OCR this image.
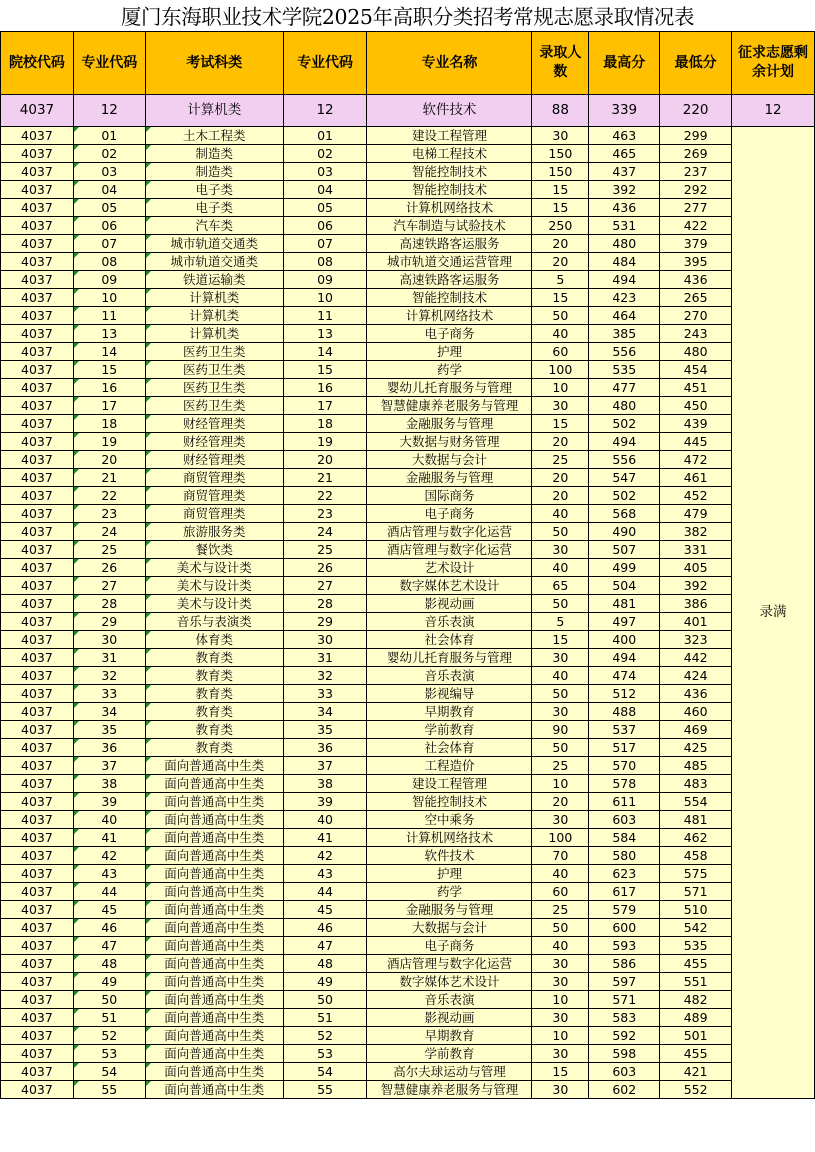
厦门东海职业技术学院2025年高职分类招考常规志愿录取情况表
院校代码	专业代码	考试科类	专业代码	专业名称	录取人数	最高分	最低分	征求志愿剩余计划
4037	12	计算机类	12	软件技术	88	339	220	12
4037	01	土木工程类	01	建设工程管理	30	463	299	录满
4037	02	制造类	02	电梯工程技术	150	465	269	
4037	03	制造类	03	智能控制技术	150	437	237	
4037	04	电子类	04	智能控制技术	15	392	292	
4037	05	电子类	05	计算机网络技术	15	436	277	
4037	06	汽车类	06	汽车制造与试验技术	250	531	422	
4037	07	城市轨道交通类	07	高速铁路客运服务	20	480	379	
4037	08	城市轨道交通类	08	城市轨道交通运营管理	20	484	395	
4037	09	铁道运输类	09	高速铁路客运服务	5	494	436	
4037	10	计算机类	10	智能控制技术	15	423	265	
4037	11	计算机类	11	计算机网络技术	50	464	270	
4037	13	计算机类	13	电子商务	40	385	243	
4037	14	医药卫生类	14	护理	60	556	480	
4037	15	医药卫生类	15	药学	100	535	454	
4037	16	医药卫生类	16	婴幼儿托育服务与管理	10	477	451	
4037	17	医药卫生类	17	智慧健康养老服务与管理	30	480	450	
4037	18	财经管理类	18	金融服务与管理	15	502	439	
4037	19	财经管理类	19	大数据与财务管理	20	494	445	
4037	20	财经管理类	20	大数据与会计	25	556	472	
4037	21	商贸管理类	21	金融服务与管理	20	547	461	
4037	22	商贸管理类	22	国际商务	20	502	452	
4037	23	商贸管理类	23	电子商务	40	568	479	
4037	24	旅游服务类	24	酒店管理与数字化运营	50	490	382	
4037	25	餐饮类	25	酒店管理与数字化运营	30	507	331	
4037	26	美术与设计类	26	艺术设计	40	499	405	
4037	27	美术与设计类	27	数字媒体艺术设计	65	504	392	
4037	28	美术与设计类	28	影视动画	50	481	386	
4037	29	音乐与表演类	29	音乐表演	5	497	401	
4037	30	体育类	30	社会体育	15	400	323	
4037	31	教育类	31	婴幼儿托育服务与管理	30	494	442	
4037	32	教育类	32	音乐表演	40	474	424	
4037	33	教育类	33	影视编导	50	512	436	
4037	34	教育类	34	早期教育	30	488	460	
4037	35	教育类	35	学前教育	90	537	469	
4037	36	教育类	36	社会体育	50	517	425	
4037	37	面向普通高中生类	37	工程造价	25	570	485	
4037	38	面向普通高中生类	38	建设工程管理	10	578	483	
4037	39	面向普通高中生类	39	智能控制技术	20	611	554	
4037	40	面向普通高中生类	40	空中乘务	30	603	481	
4037	41	面向普通高中生类	41	计算机网络技术	100	584	462	
4037	42	面向普通高中生类	42	软件技术	70	580	458	
4037	43	面向普通高中生类	43	护理	40	623	575	
4037	44	面向普通高中生类	44	药学	60	617	571	
4037	45	面向普通高中生类	45	金融服务与管理	25	579	510	
4037	46	面向普通高中生类	46	大数据与会计	50	600	542	
4037	47	面向普通高中生类	47	电子商务	40	593	535	
4037	48	面向普通高中生类	48	酒店管理与数字化运营	30	586	455	
4037	49	面向普通高中生类	49	数字媒体艺术设计	30	597	551	
4037	50	面向普通高中生类	50	音乐表演	10	571	482	
4037	51	面向普通高中生类	51	影视动画	30	583	489	
4037	52	面向普通高中生类	52	早期教育	10	592	501	
4037	53	面向普通高中生类	53	学前教育	30	598	455	
4037	54	面向普通高中生类	54	高尔夫球运动与管理	15	603	421	
4037	55	面向普通高中生类	55	智慧健康养老服务与管理	30	602	552	
